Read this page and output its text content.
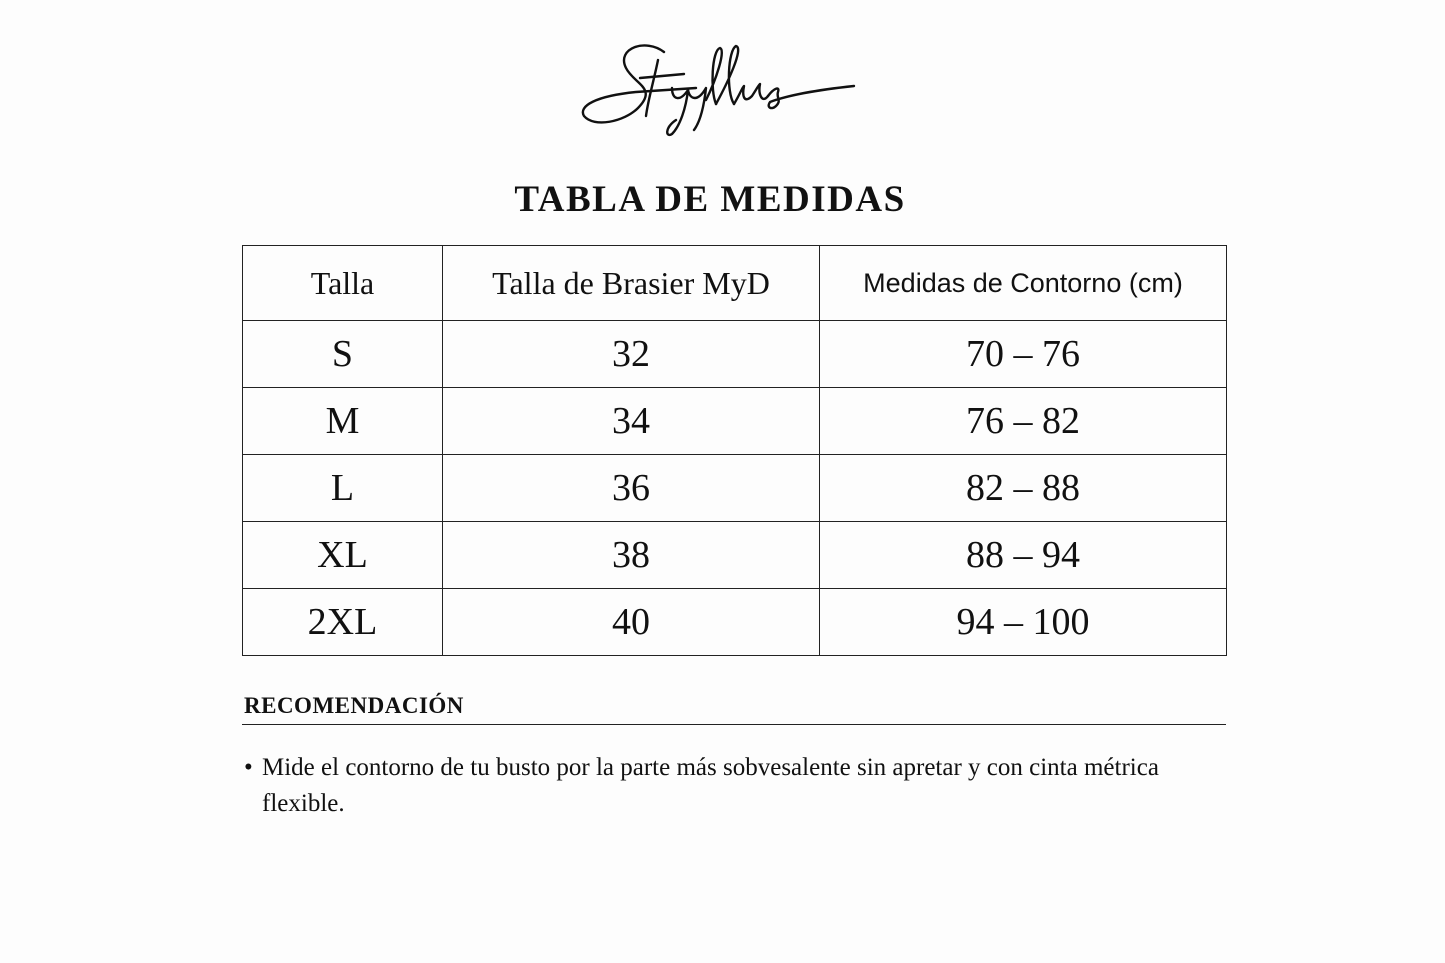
TABLA DE MEDIDAS
Talla	Talla de Brasier MyD	Medidas de Contorno (cm)
S	32	70 – 76
M	34	76 – 82
L	36	82 – 88
XL	38	88 – 94
2XL	40	94 – 100
RECOMENDACIÓN
• Mide el contorno de tu busto por la parte más sobvesalente sin apretar y con cinta métrica flexible.
